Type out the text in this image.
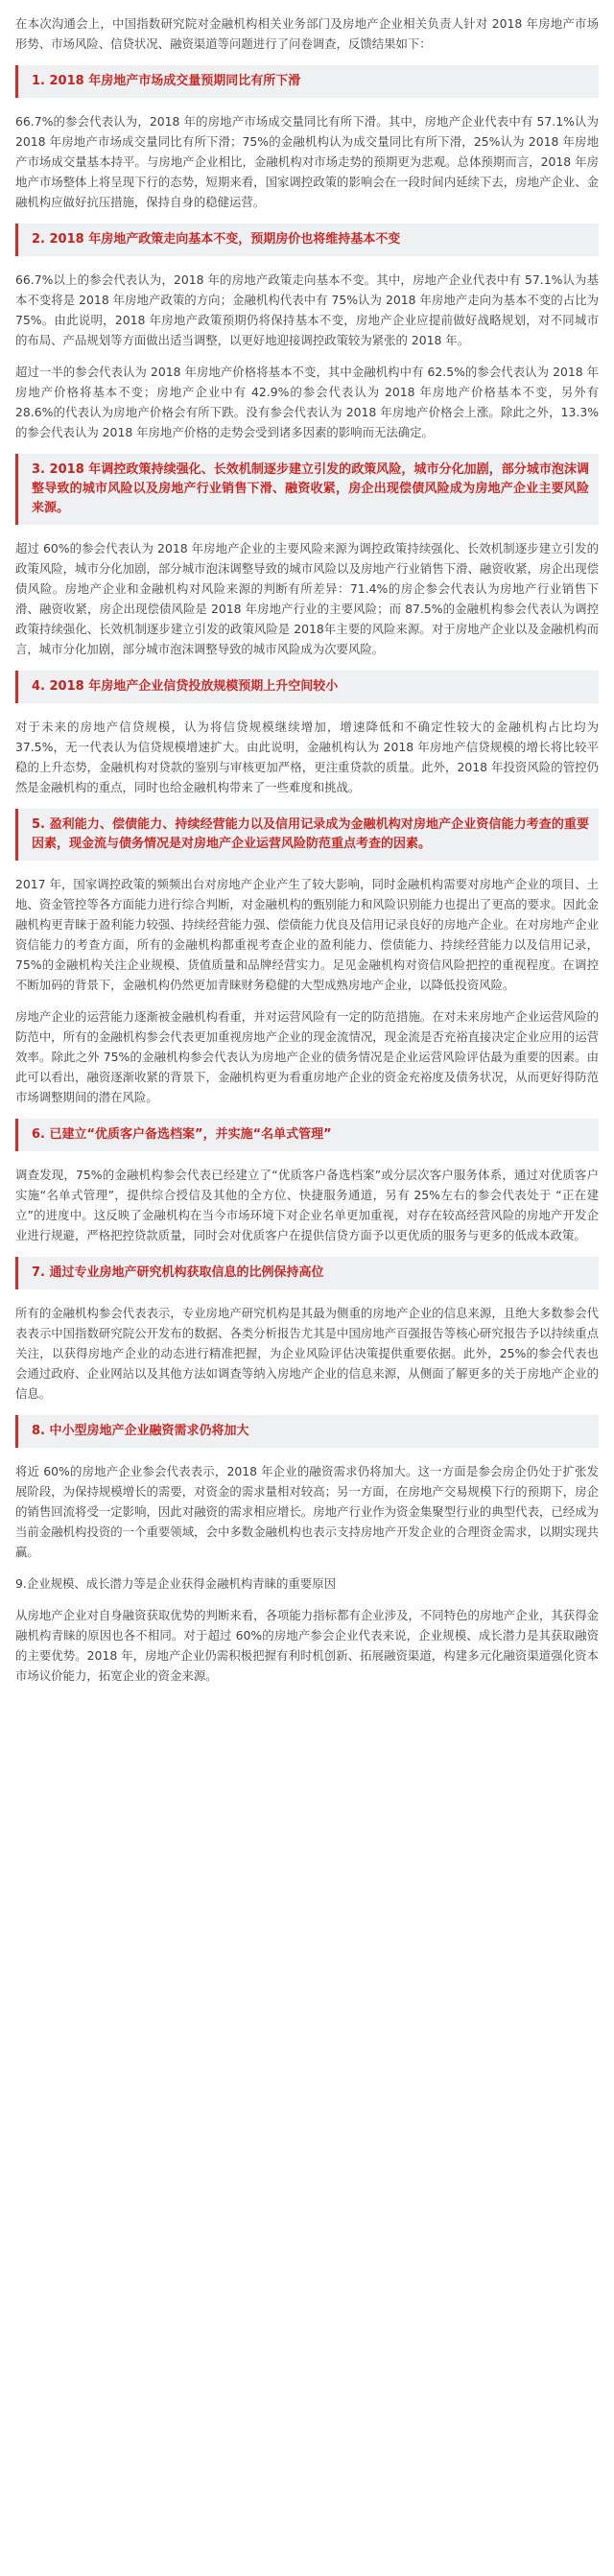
在本次沟通会上，中国指数研究院对金融机构相关业务部门及房地产企业相关负责人针对 2018 年房地产市场形势、市场风险、信贷状况、融资渠道等问题进行了问卷调查，反馈结果如下：

1. 2018 年房地产市场成交量预期同比有所下滑

66.7%的参会代表认为，2018 年的房地产市场成交量同比有所下滑。其中，房地产企业代表中有 57.1%认为 2018 年房地产市场成交量同比有所下滑；75%的金融机构认为成交量同比有所下滑，25%认为 2018 年房地产市场成交量基本持平。与房地产企业相比，金融机构对市场走势的预期更为悲观。总体预期而言，2018 年房地产市场整体上将呈现下行的态势，短期来看，国家调控政策的影响会在一段时间内延续下去，房地产企业、金融机构应做好抗压措施，保持自身的稳健运营。

2. 2018 年房地产政策走向基本不变，预期房价也将维持基本不变

66.7%以上的参会代表认为，2018 年的房地产政策走向基本不变。其中，房地产企业代表中有 57.1%认为基本不变将是 2018 年房地产政策的方向；金融机构代表中有 75%认为 2018 年房地产走向为基本不变的占比为 75%。由此说明，2018 年房地产政策预期仍将保持基本不变，房地产企业应提前做好战略规划，对不同城市的布局、产品规划等方面做出适当调整，以更好地迎接调控政策较为紧张的 2018 年。

超过一半的参会代表认为 2018 年房地产价格将基本不变，其中金融机构中有 62.5%的参会代表认为 2018 年房地产价格将基本不变；房地产企业中有 42.9%的参会代表认为 2018 年房地产价格基本不变，另外有 28.6%的代表认为房地产价格会有所下跌。没有参会代表认为 2018 年房地产价格会上涨。除此之外，13.3%的参会代表认为 2018 年房地产价格的走势会受到诸多因素的影响而无法确定。

3. 2018 年调控政策持续强化、长效机制逐步建立引发的政策风险，城市分化加剧，部分城市泡沫调整导致的城市风险以及房地产行业销售下滑、融资收紧，房企出现偿债风险成为房地产企业主要风险来源。

超过 60%的参会代表认为 2018 年房地产企业的主要风险来源为调控政策持续强化、长效机制逐步建立引发的政策风险，城市分化加剧，部分城市泡沫调整导致的城市风险以及房地产行业销售下滑、融资收紧，房企出现偿债风险。房地产企业和金融机构对风险来源的判断有所差异：71.4%的房企参会代表认为房地产行业销售下滑、融资收紧，房企出现偿债风险是 2018 年房地产行业的主要风险；而 87.5%的金融机构参会代表认为调控政策持续强化、长效机制逐步建立引发的政策风险是 2018年主要的风险来源。对于房地产企业以及金融机构而言，城市分化加剧，部分城市泡沫调整导致的城市风险成为次要风险。

4. 2018 年房地产企业信贷投放规模预期上升空间较小

对于未来的房地产信贷规模，认为将信贷规模继续增加，增速降低和不确定性较大的金融机构占比均为 37.5%，无一代表认为信贷规模增速扩大。由此说明，金融机构认为 2018 年房地产信贷规模的增长将比较平稳的上升态势，金融机构对贷款的鉴别与审核更加严格，更注重贷款的质量。此外，2018 年投资风险的管控仍然是金融机构的重点，同时也给金融机构带来了一些难度和挑战。

5. 盈利能力、偿债能力、持续经营能力以及信用记录成为金融机构对房地产企业资信能力考查的重要因素，现金流与债务情况是对房地产企业运营风险防范重点考查的因素。

2017 年，国家调控政策的频频出台对房地产企业产生了较大影响，同时金融机构需要对房地产企业的项目、土地、资金管控等各方面能力进行综合判断，对金融机构的甄别能力和风险识别能力也提出了更高的要求。因此金融机构更青睐于盈利能力较强、持续经营能力强、偿债能力优良及信用记录良好的房地产企业。在对房地产企业资信能力的考查方面，所有的金融机构都重视考查企业的盈利能力、偿债能力、持续经营能力以及信用记录，75%的金融机构关注企业规模、货值质量和品牌经营实力。足见金融机构对资信风险把控的重视程度。在调控不断加码的背景下，金融机构仍然更加青睐财务稳健的大型成熟房地产企业，以降低投资风险。

房地产企业的运营能力逐渐被金融机构看重，并对运营风险有一定的防范措施。在对未来房地产企业运营风险的防范中，所有的金融机构参会代表更加重视房地产企业的现金流情况，现金流是否充裕直接决定企业应用的运营效率。除此之外 75%的金融机构参会代表认为房地产企业的债务情况是企业运营风险评估最为重要的因素。由此可以看出，融资逐渐收紧的背景下，金融机构更为看重房地产企业的资金充裕度及债务状况，从而更好得防范市场调整期间的潜在风险。

6. 已建立“优质客户备选档案”，并实施“名单式管理”

调查发现，75%的金融机构参会代表已经建立了“优质客户备选档案”或分层次客户服务体系，通过对优质客户实施“名单式管理”，提供综合授信及其他的全方位、快捷服务通道，另有 25%左右的参会代表处于 “正在建立”的进度中。这反映了金融机构在当今市场环境下对企业名单更加重视，对存在较高经营风险的房地产开发企业进行规避，严格把控贷款质量，同时会对优质客户在提供信贷方面予以更优质的服务与更多的低成本政策。

7. 通过专业房地产研究机构获取信息的比例保持高位

所有的金融机构参会代表表示，专业房地产研究机构是其最为侧重的房地产企业的信息来源，且绝大多数参会代表表示中国指数研究院公开发布的数据、各类分析报告尤其是中国房地产百强报告等核心研究报告予以持续重点关注，以获得房地产企业的动态进行精准把握，为企业风险评估决策提供重要依据。此外，25%的参会代表也会通过政府、企业网站以及其他方法如调查等纳入房地产企业的信息来源，从侧面了解更多的关于房地产企业的信息。

8. 中小型房地产企业融资需求仍将加大

将近 60%的房地产企业参会代表表示，2018 年企业的融资需求仍将加大。这一方面是参会房企仍处于扩张发展阶段，为保持规模增长的需要，对资金的需求量相对较高；另一方面，在房地产交易规模下行的预期下，房企的销售回流将受一定影响，因此对融资的需求相应增长。房地产行业作为资金集聚型行业的典型代表，已经成为当前金融机构投资的一个重要领域，会中多数金融机构也表示支持房地产开发企业的合理资金需求，以期实现共赢。

9.企业规模、成长潜力等是企业获得金融机构青睐的重要原因

从房地产企业对自身融资获取优势的判断来看，各项能力指标都有企业涉及，不同特色的房地产企业，其获得金融机构青睐的原因也各不相同。对于超过 60%的房地产参会企业代表来说，企业规模、成长潜力是其获取融资的主要优势。2018 年，房地产企业仍需积极把握有利时机创新、拓展融资渠道，构建多元化融资渠道强化资本市场议价能力，拓宽企业的资金来源。
